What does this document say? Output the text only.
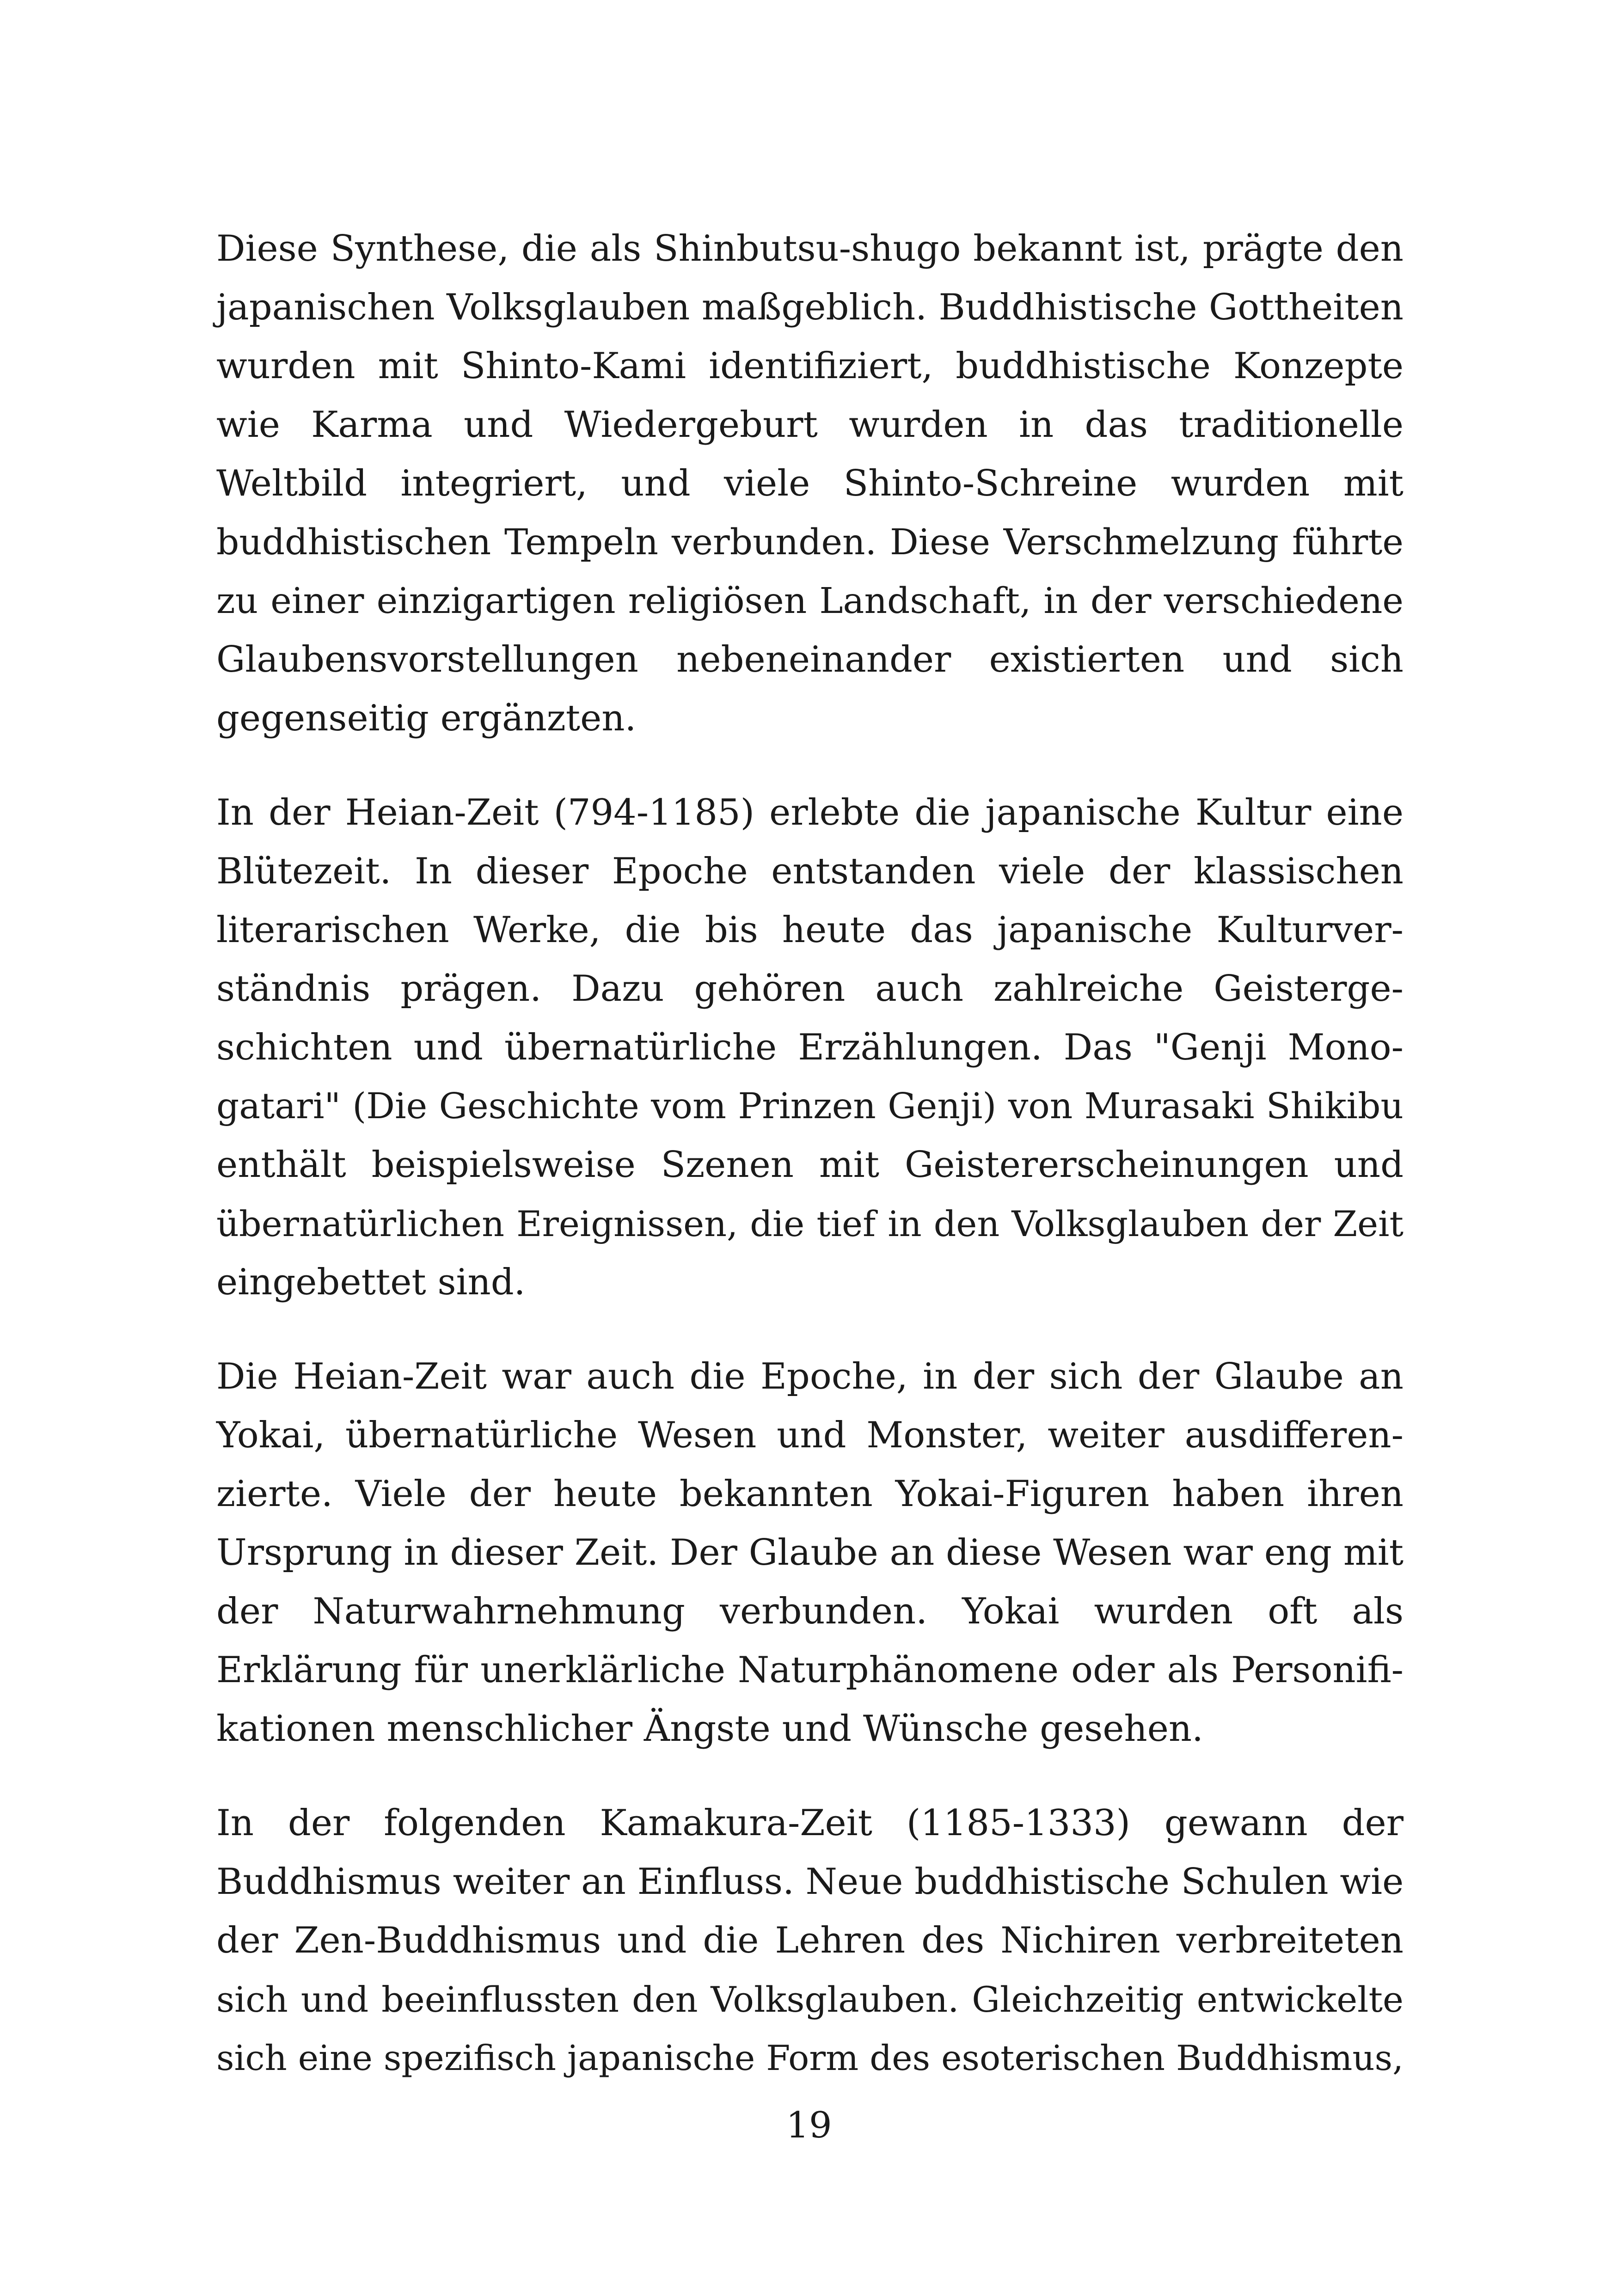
Diese Synthese, die als Shinbutsu-shugo bekannt ist, prägte den
japanischen Volksglauben maßgeblich. Buddhistische Gottheiten
wurden mit Shinto-Kami identifiziert, buddhistische Konzepte
wie Karma und Wiedergeburt wurden in das traditionelle
Weltbild integriert, und viele Shinto-Schreine wurden mit
buddhistischen Tempeln verbunden. Diese Verschmelzung führte
zu einer einzigartigen religiösen Landschaft, in der verschiedene
Glaubensvorstellungen nebeneinander existierten und sich
gegenseitig ergänzten.

In der Heian-Zeit (794-1185) erlebte die japanische Kultur eine
Blütezeit. In dieser Epoche entstanden viele der klassischen
literarischen Werke, die bis heute das japanische Kulturver-
ständnis prägen. Dazu gehören auch zahlreiche Geisterge-
schichten und übernatürliche Erzählungen. Das "Genji Mono-
gatari" (Die Geschichte vom Prinzen Genji) von Murasaki Shikibu
enthält beispielsweise Szenen mit Geistererscheinungen und
übernatürlichen Ereignissen, die tief in den Volksglauben der Zeit
eingebettet sind.

Die Heian-Zeit war auch die Epoche, in der sich der Glaube an
Yokai, übernatürliche Wesen und Monster, weiter ausdifferen-
zierte. Viele der heute bekannten Yokai-Figuren haben ihren
Ursprung in dieser Zeit. Der Glaube an diese Wesen war eng mit
der Naturwahrnehmung verbunden. Yokai wurden oft als
Erklärung für unerklärliche Naturphänomene oder als Personifi-
kationen menschlicher Ängste und Wünsche gesehen.

In der folgenden Kamakura-Zeit (1185-1333) gewann der
Buddhismus weiter an Einfluss. Neue buddhistische Schulen wie
der Zen-Buddhismus und die Lehren des Nichiren verbreiteten
sich und beeinflussten den Volksglauben. Gleichzeitig entwickelte
sich eine spezifisch japanische Form des esoterischen Buddhismus,

19
